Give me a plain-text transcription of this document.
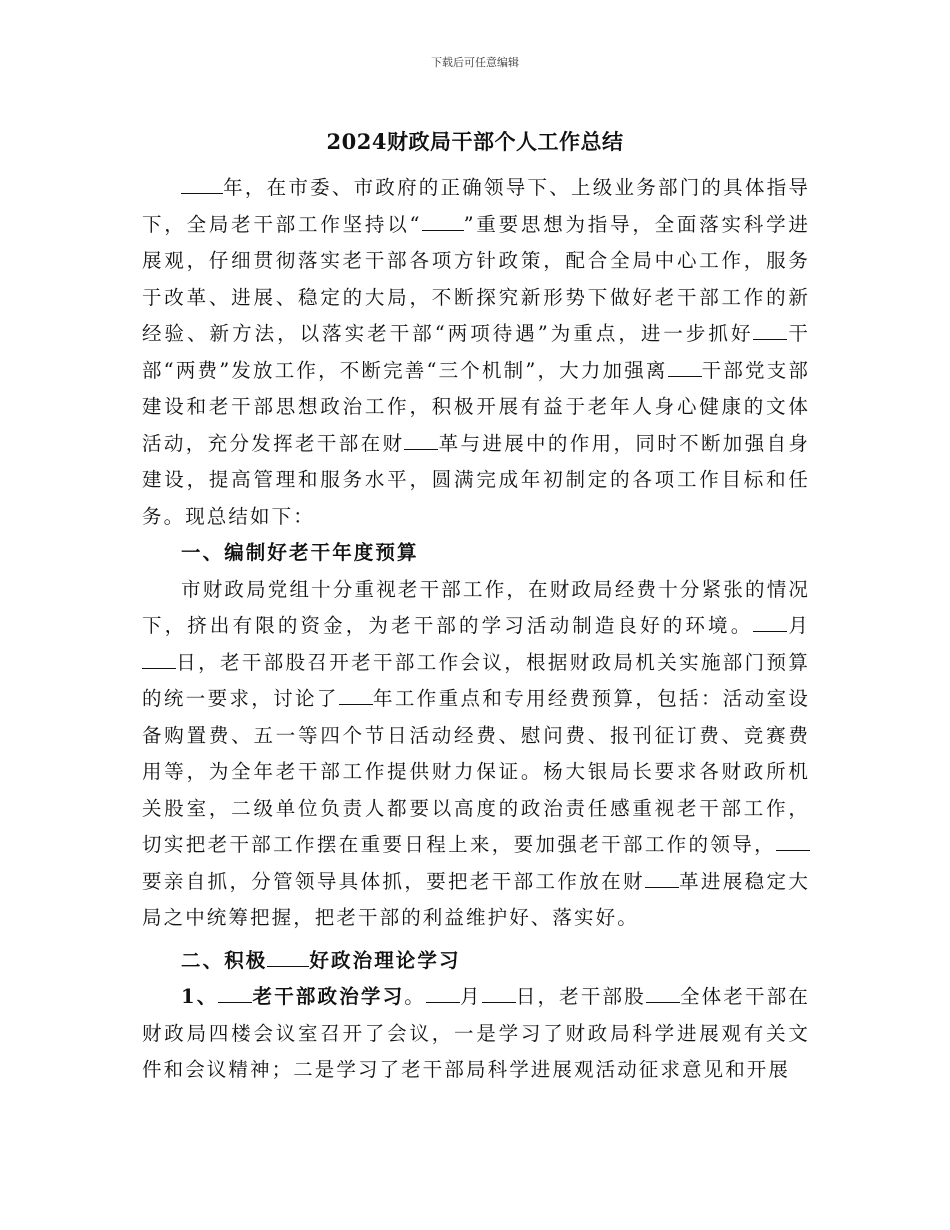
下载后可任意编辑
2024财政局干部个人工作总结

年，在市委、市政府的正确领导下、上级业务部门的具体指导下，全局老干部工作坚持以“ ”重要思想为指导，全面落实科学进展观，仔细贯彻落实老干部各项方针政策，配合全局中心工作，服务于改革、进展、稳定的大局，不断探究新形势下做好老干部工作的新经验、新方法，以落实老干部“两项待遇”为重点，进一步抓好 干部“两费”发放工作，不断完善“三个机制”，大力加强离 干部党支部建设和老干部思想政治工作，积极开展有益于老年人身心健康的文体活动，充分发挥老干部在财 革与进展中的作用，同时不断加强自身建设，提高管理和服务水平，圆满完成年初制定的各项工作目标和任务。现总结如下：

一、编制好老干年度预算

市财政局党组十分重视老干部工作，在财政局经费十分紧张的情况下，挤出有限的资金，为老干部的学习活动制造良好的环境。 月日，老干部股召开老干部工作会议，根据财政局机关实施部门预算的统一要求，讨论了 年工作重点和专用经费预算，包括：活动室设备购置费、五一等四个节日活动经费、慰问费、报刊征订费、竞赛费用等，为全年老干部工作提供财力保证。杨大银局长要求各财政所机关股室，二级单位负责人都要以高度的政治责任感重视老干部工作，切实把老干部工作摆在重要日程上来，要加强老干部工作的领导，要亲自抓，分管领导具体抓，要把老干部工作放在财 革进展稳定大局之中统筹把握，把老干部的利益维护好、落实好。

二、积极 好政治理论学习

1、 老干部政治学习。 月 日，老干部股 全体老干部在财政局四楼会议室召开了会议，一是学习了财政局科学进展观有关文件和会议精神；二是学习了老干部局科学进展观活动征求意见和开展
